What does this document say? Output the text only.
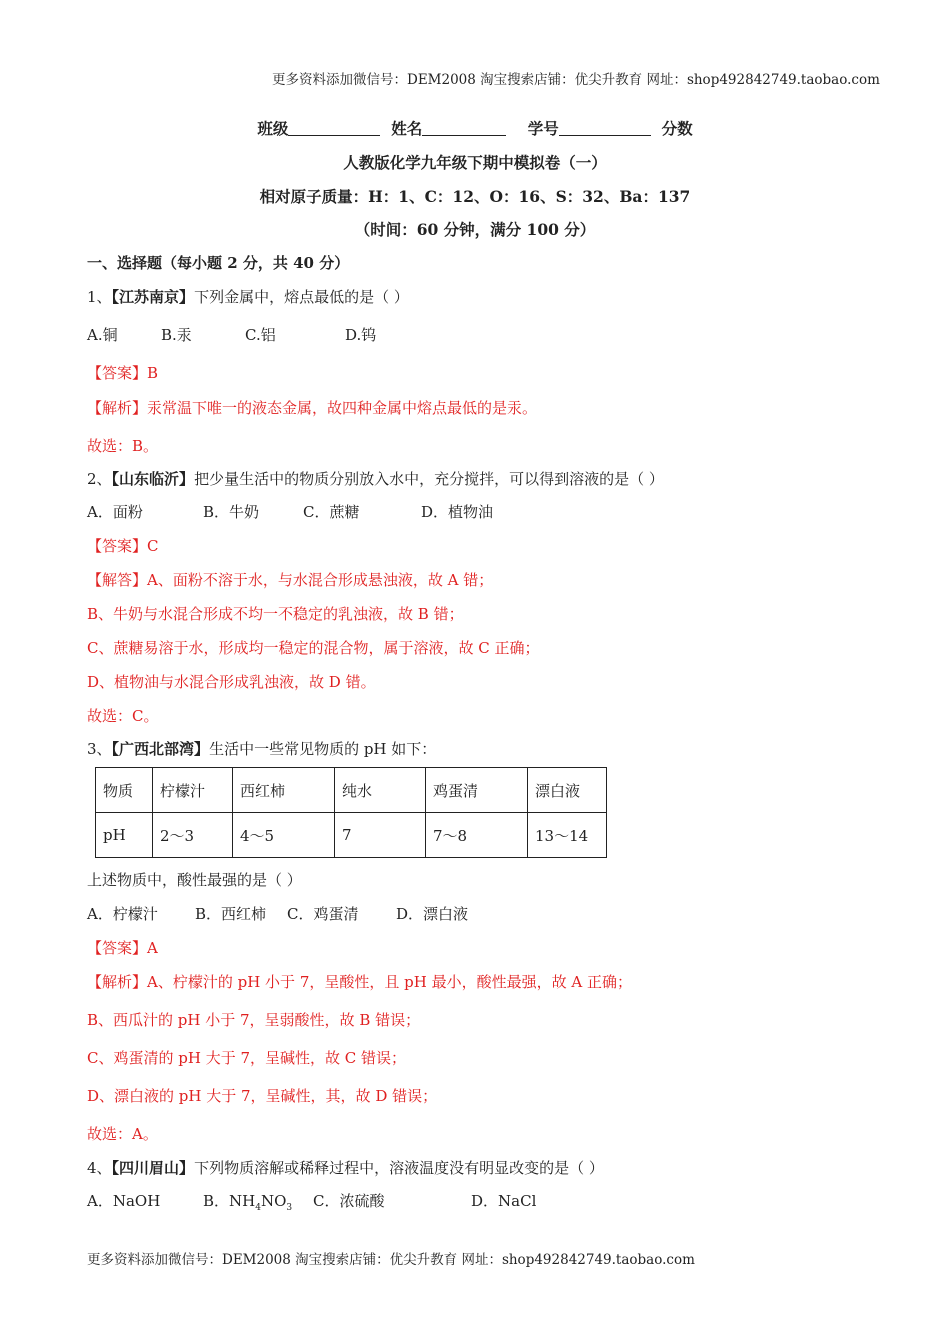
更多资料添加微信号：DEM2008 淘宝搜索店铺：优尖升教育 网址：shop492842749.taobao.com
班级	姓名	学号	分数
人教版化学九年级下期中模拟卷（一）
相对原子质量：H：1、C：12、O：16、S：32、Ba：137
（时间：60 分钟，满分 100 分）
一、选择题（每小题 2 分，共 40 分）
1、【江苏南京】下列金属中，熔点最低的是（ ）
A.铜	B.汞	C.铝	D.钨
【答案】B
【解析】汞常温下唯一的液态金属，故四种金属中熔点最低的是汞。
故选：B。
2、【山东临沂】把少量生活中的物质分别放入水中，充分搅拌，可以得到溶液的是（ ）
A．面粉	B．牛奶	C．蔗糖	D．植物油
【答案】C
【解答】A、面粉不溶于水，与水混合形成悬浊液，故 A 错；
B、牛奶与水混合形成不均一不稳定的乳浊液，故 B 错；
C、蔗糖易溶于水，形成均一稳定的混合物，属于溶液，故 C 正确；
D、植物油与水混合形成乳浊液，故 D 错。
故选：C。
3、【广西北部湾】生活中一些常见物质的 pH 如下：
物质	柠檬汁	西红柿	纯水	鸡蛋清	漂白液
pH	2～3	4～5	7	7～8	13～14
上述物质中，酸性最强的是（ ）
A．柠檬汁 B．西红柿 C．鸡蛋清	D．漂白液
【答案】A
【解析】A、柠檬汁的 pH 小于 7，呈酸性，且 pH 最小，酸性最强，故 A 正确；
B、西瓜汁的 pH 小于 7，呈弱酸性，故 B 错误；
C、鸡蛋清的 pH 大于 7，呈碱性，故 C 错误；
D、漂白液的 pH 大于 7，呈碱性，其，故 D 错误；
故选：A。
4、【四川眉山】下列物质溶解或稀释过程中，溶液温度没有明显改变的是（ ）
A．NaOH	B．$NH_4NO_3$ C．浓硫酸	D．NaCl
更多资料添加微信号：DEM2008 淘宝搜索店铺：优尖升教育 网址：shop492842749.taobao.com
